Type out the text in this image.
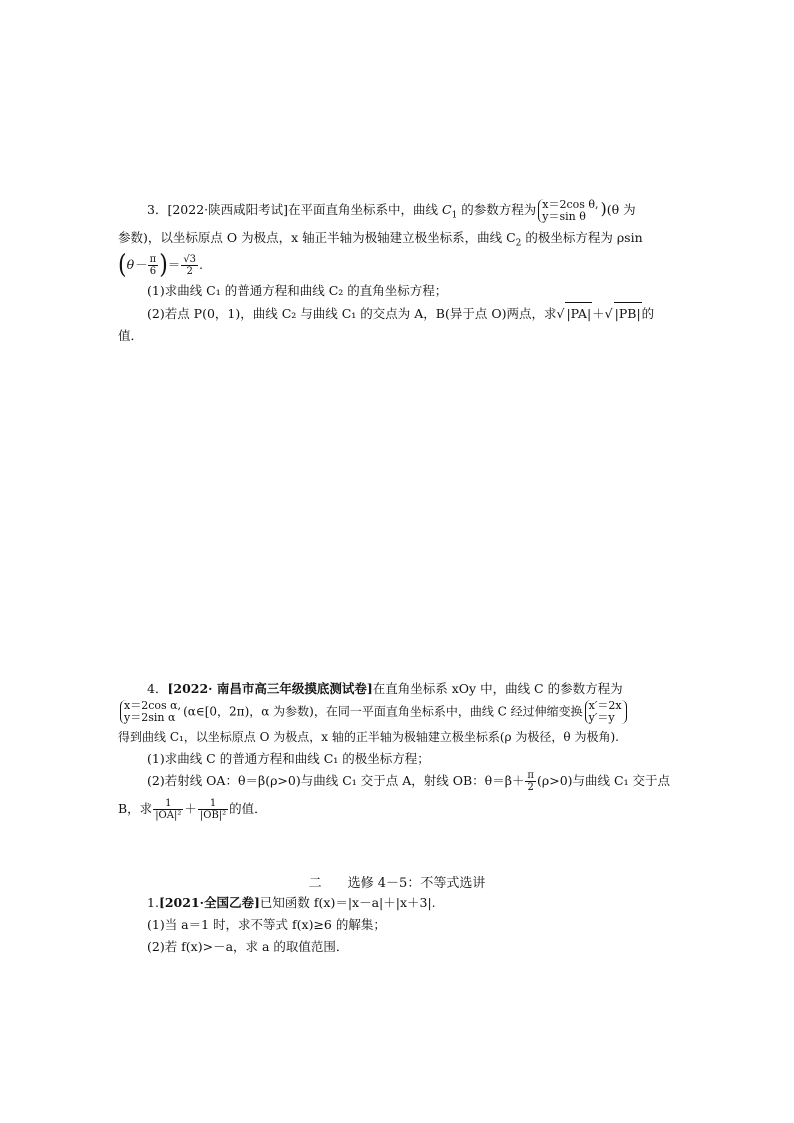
3．[2022·陕西咸阳考试]在平面直角坐标系中，曲线 $C_1$ 的参数方程为 x＝2cos θ,
y＝sin θ )(θ 为
参数)，以坐标原点 O 为极点，x 轴正半轴为极轴建立极坐标系，曲线 $C_2$ 的极坐标方程为 ρsin
($\theta- \frac{\pi}{6}$ )＝ $\frac{√3}{2}$ .
(1)求曲线 C₁ 的普通方程和曲线 C₂ 的直角坐标方程；
(2)若点 P(0，1)，曲线 C₂ 与曲线 C₁ 的交点为 A，B(异于点 O)两点，求√ |PA|＋√ |PB|的
值．
4．[2022· 南昌市高三年级摸底测试卷]在直角坐标系 xOy 中，曲线 C 的参数方程为
x＝2cos α,
y＝2sin α (α∈[0，2π)，α 为参数)，在同一平面直角坐标系中，曲线 C 经过伸缩变换 x′＝2x
y′＝y
得到曲线 C₁，以坐标原点 O 为极点，x 轴的正半轴为极轴建立极坐标系(ρ 为极径，θ 为极角).
(1)求曲线 C 的普通方程和曲线 C₁ 的极坐标方程；
(2)若射线 OA：θ＝β(ρ>0)与曲线 C₁ 交于点 A，射线 OB：$\theta=\beta+ \frac{\pi}{2} (\rho>0)$与曲线 C₁ 交于点
B，求 $\frac{1}{\text{|OA|²}} + \frac{1}{\text{|OB|²}}$ 的值．
二　　选修 4－5：不等式选讲
1.[2021·全国乙卷]已知函数 f(x)＝|x－a|＋|x＋3|.
(1)当 a＝1 时，求不等式 f(x)≥6 的解集；
(2)若 f(x)>－a，求 a 的取值范围．
